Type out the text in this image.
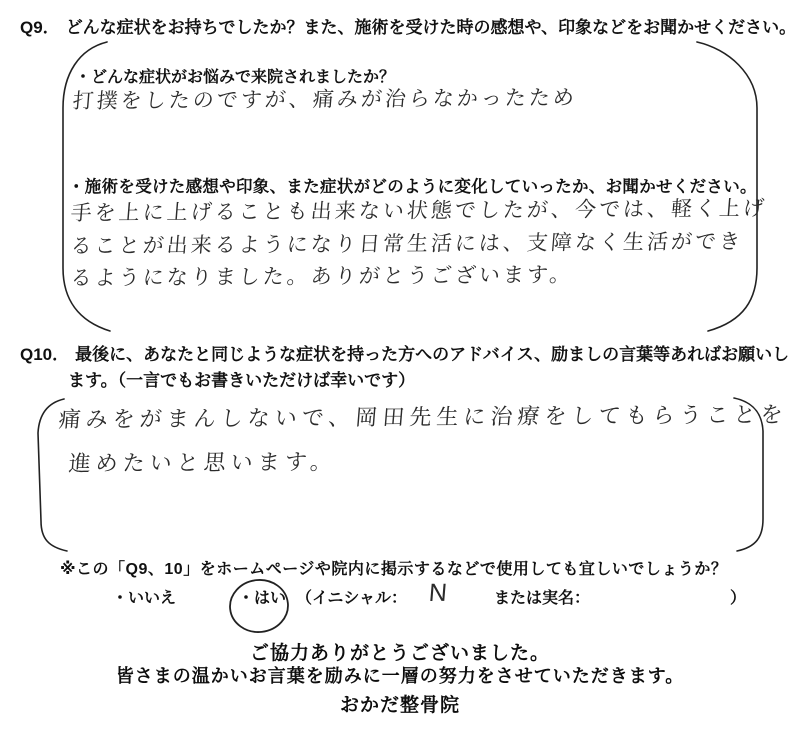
Q9． どんな症状をお持ちでしたか？また、施術を受けた時の感想や、印象などをお聞かせください。
・どんな症状がお悩みで来院されましたか？
打撲をしたのですが、痛みが治らなかったため
・施術を受けた感想や印象、また症状がどのように変化していったか、お聞かせください。
手を上に上げることも出来ない状態でしたが、今では、軽く上げ
ることが出来るようになり日常生活には、支障なく生活ができ
るようになりました。ありがとうございます。
Q10． 最後に、あなたと同じような症状を持った方へのアドバイス、励ましの言葉等あればお願いし
ます。（一言でもお書きいただけば幸いです）
痛みをがまんしないで、岡田先生に治療をしてもらうことを
進めたいと思います。
※この「Q9、10」をホームページや院内に掲示するなどで使用しても宜しいでしょうか？
・いいえ	・はい （イニシャル： N	または実名：	）
ご協力ありがとうございました。
皆さまの温かいお言葉を励みに一層の努力をさせていただきます。
おかだ整骨院
